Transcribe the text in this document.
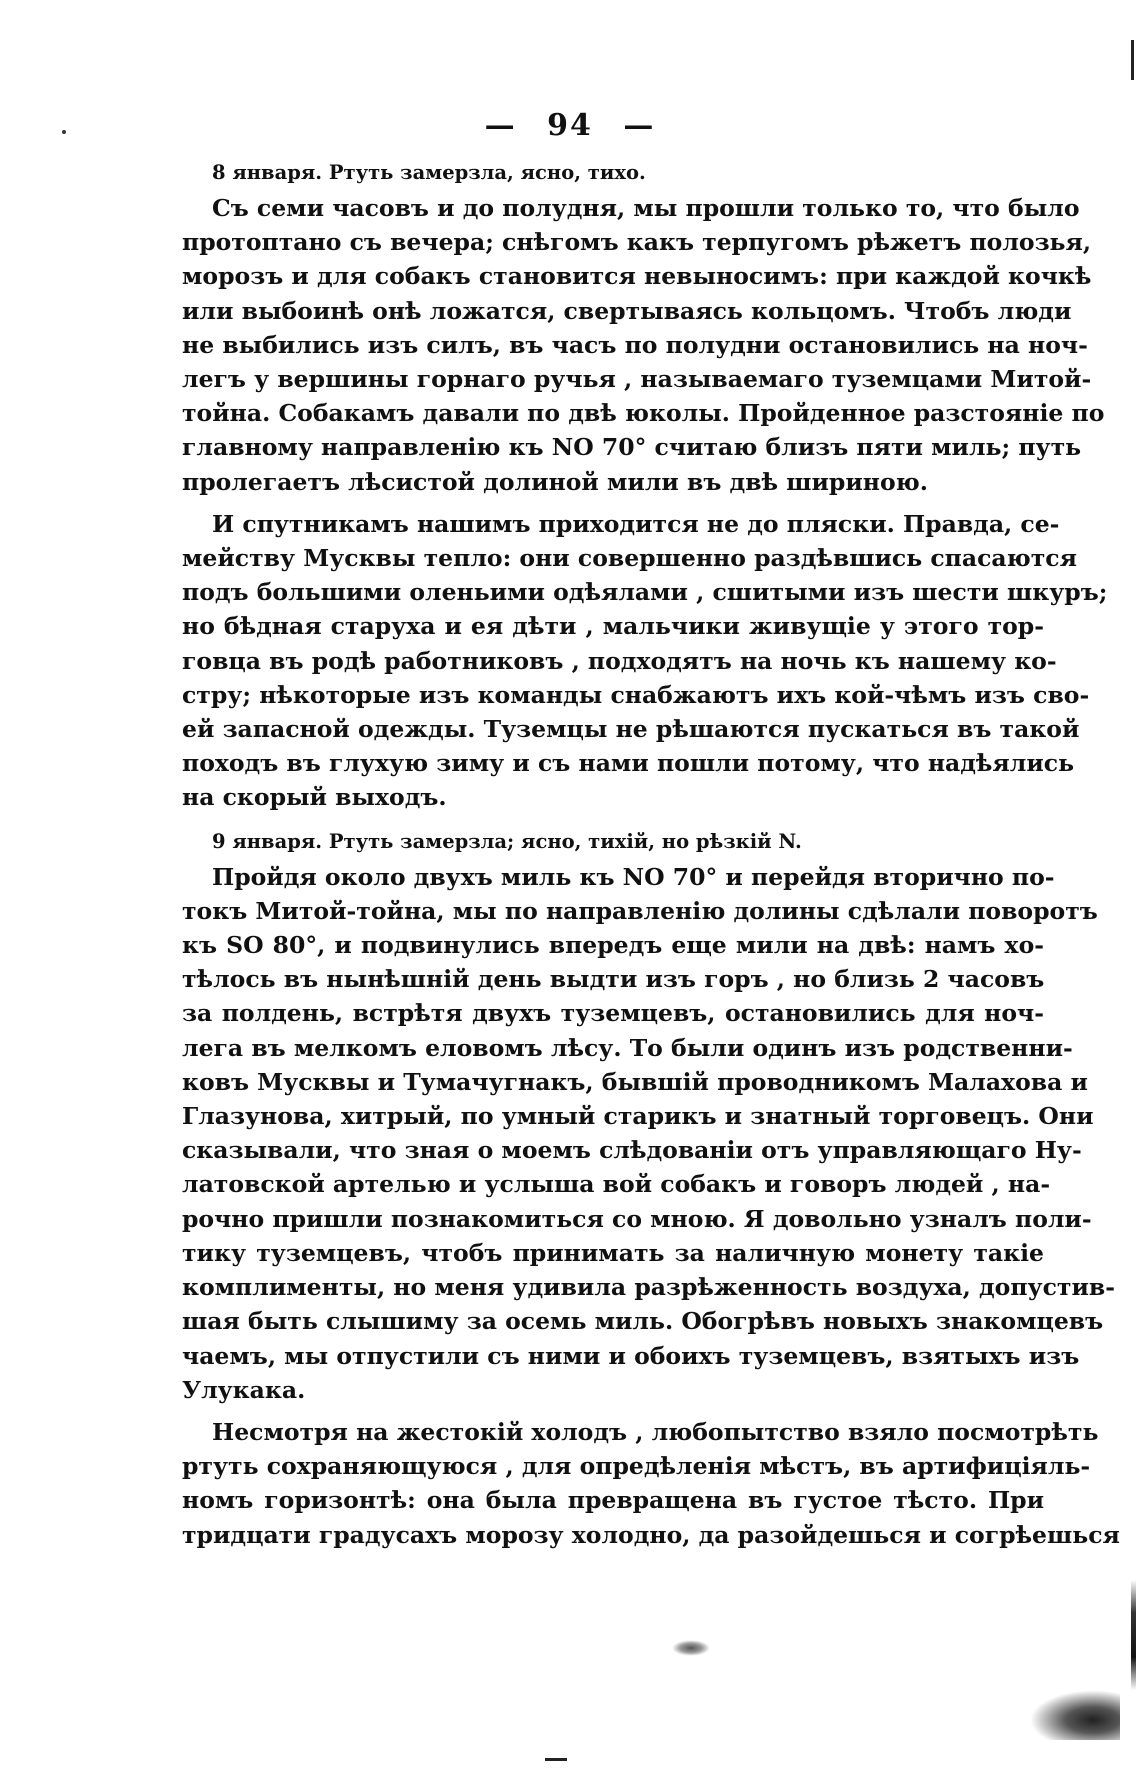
— 94 —
8 января. Ртуть замерзла, ясно, тихо.

Съ семи часовъ и до полудня, мы прошли только то, что было
протоптано съ вечера; снѣгомъ какъ терпугомъ рѣжетъ полозья,
морозъ и для собакъ становится невыносимъ: при каждой кочкѣ
или выбоинѣ онѣ ложатся, свертываясь кольцомъ. Чтобъ люди
не выбились изъ силъ, въ часъ по полудни остановились на ноч-
легъ у вершины горнаго ручья , называемаго туземцами Митой-
тойна. Собакамъ давали по двѣ юколы. Пройденное разстояніе по
главному направленію къ NO 70° считаю близъ пяти миль; путь
пролегаетъ лѣсистой долиной мили въ двѣ шириною.

И спутникамъ нашимъ приходится не до пляски. Правда, се-
мейству Мусквы тепло: они совершенно раздѣвшись спасаются
подъ большими оленьими одѣялами , сшитыми изъ шести шкуръ;
но бѣдная старуха и ея дѣти , мальчики живущіе у этого тор-
говца въ родѣ работниковъ , подходятъ на ночь къ нашему ко-
стру; нѣкоторые изъ команды снабжаютъ ихъ кой-чѣмъ изъ сво-
ей запасной одежды. Туземцы не рѣшаются пускаться въ такой
походъ въ глухую зиму и съ нами пошли потому, что надѣялись
на скорый выходъ.

9 января. Ртуть замерзла; ясно, тихій, но рѣзкій N.

Пройдя около двухъ миль къ NO 70° и перейдя вторично по-
токъ Митой-тойна, мы по направленію долины сдѣлали поворотъ
къ SO 80°, и подвинулись впередъ еще мили на двѣ: намъ хо-
тѣлось въ нынѣшній день выдти изъ горъ , но близь 2 часовъ
за полдень, встрѣтя двухъ туземцевъ, остановились для ноч-
лега въ мелкомъ еловомъ лѣсу. То были одинъ изъ родственни-
ковъ Мусквы и Тумачугнакъ, бывшій проводникомъ Малахова и
Глазунова, хитрый, по умный старикъ и знатный торговецъ. Они
сказывали, что зная о моемъ слѣдованіи отъ управляющаго Ну-
латовской артелью и услыша вой собакъ и говоръ людей , на-
рочно пришли познакомиться со мною. Я довольно узналъ поли-
тику туземцевъ, чтобъ принимать за наличную монету такіе
комплименты, но меня удивила разрѣженность воздуха, допустив-
шая быть слышиму за осемь миль. Обогрѣвъ новыхъ знакомцевъ
чаемъ, мы отпустили съ ними и обоихъ туземцевъ, взятыхъ изъ
Улукака.

Несмотря на жестокій холодъ , любопытство взяло посмотрѣть
ртуть сохраняющуюся , для опредѣленія мѣстъ, въ артифиціяль-
номъ горизонтѣ: она была превращена въ густое тѣсто. При
тридцати градусахъ морозу холодно, да разойдешься и согрѣешься
